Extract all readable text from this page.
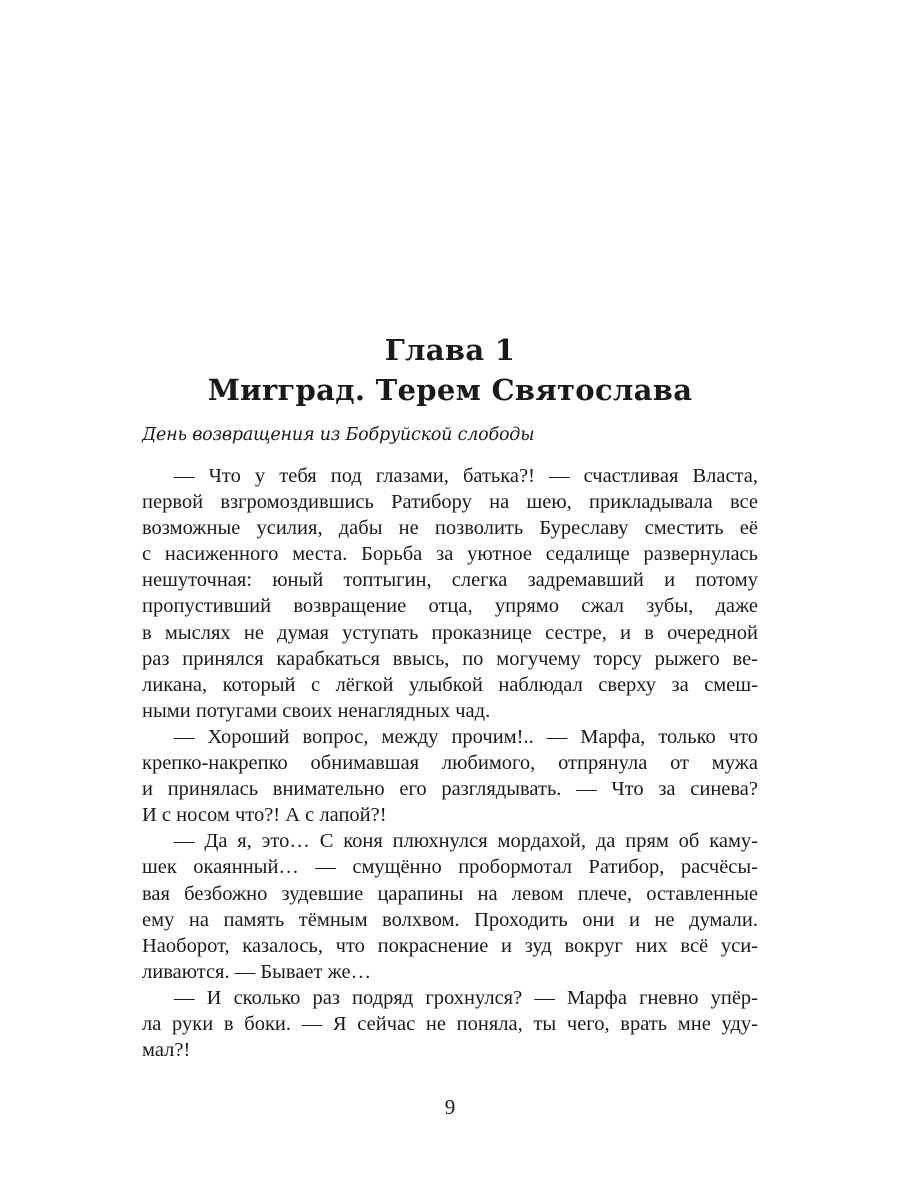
Глава 1
Миrград. Терем Святослава
День возвращения из Бобруйской слободы
— Что у тебя под глазами, батька?! — счастливая Власта,
первой взгромоздившись Ратибору на шею, прикладывала все
возможные усилия, дабы не позволить Буреславу сместить её
с насиженного места. Борьба за уютное седалище развернулась
нешуточная: юный топтыгин, слегка задремавший и потому
пропустивший возвращение отца, упрямо сжал зубы, даже
в мыслях не думая уступать проказнице сестре, и в очередной
раз принялся карабкаться ввысь, по могучему торсу рыжего ве-
ликана, который с лёгкой улыбкой наблюдал сверху за смеш-
ными потугами своих ненаглядных чад.
— Хороший вопрос, между прочим!.. — Марфа, только что
крепко-накрепко обнимавшая любимого, отпрянула от мужа
и принялась внимательно его разглядывать. — Что за синева?
И с носом что?! А с лапой?!
— Да я, это… С коня плюхнулся мордахой, да прям об каму-
шек окаянный… — смущённо пробормотал Ратибор, расчёсы-
вая безбожно зудевшие царапины на левом плече, оставленные
ему на память тёмным волхвом. Проходить они и не думали.
Наоборот, казалось, что покраснение и зуд вокруг них всё уси-
ливаются. — Бывает же…
— И сколько раз подряд грохнулся? — Марфа гневно упёр-
ла руки в боки. — Я сейчас не поняла, ты чего, врать мне уду-
мал?!
9
